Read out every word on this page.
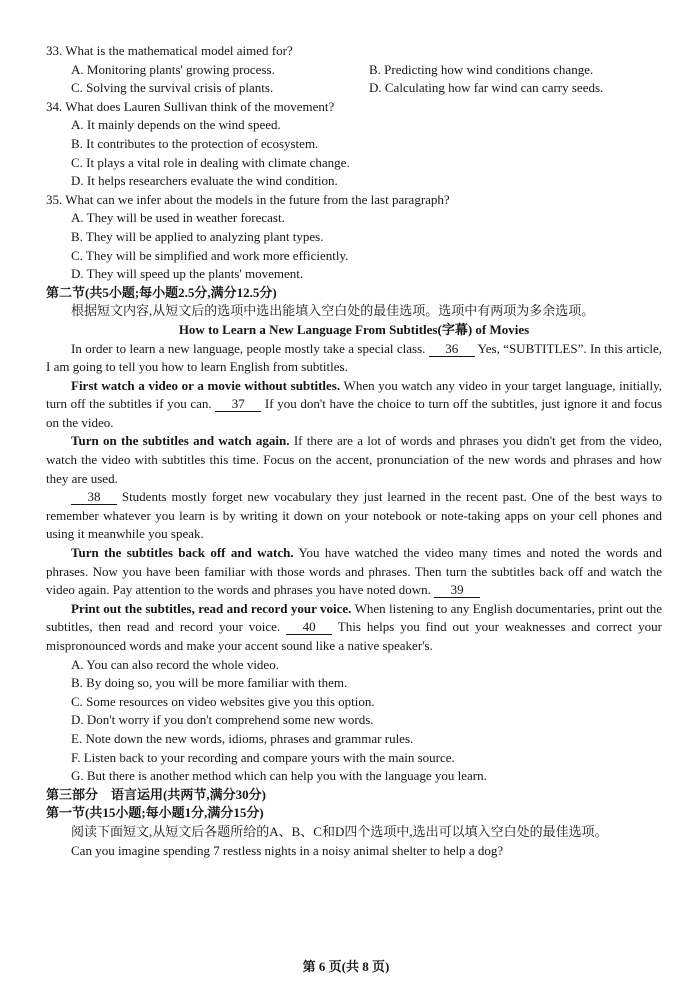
33. What is the mathematical model aimed for?

A. Monitoring plants' growing process.	B. Predicting how wind conditions change.
C. Solving the survival crisis of plants.	D. Calculating how far wind can carry seeds.

34. What does Lauren Sullivan think of the movement?

A. It mainly depends on the wind speed.

B. It contributes to the protection of ecosystem.

C. It plays a vital role in dealing with climate change.

D. It helps researchers evaluate the wind condition.

35. What can we infer about the models in the future from the last paragraph?

A. They will be used in weather forecast.

B. They will be applied to analyzing plant types.

C. They will be simplified and work more efficiently.

D. They will speed up the plants' movement.

第二节(共5小题;每小题2.5分,满分12.5分)

根据短文内容,从短文后的选项中选出能填入空白处的最佳选项。选项中有两项为多余选项。

How to Learn a New Language From Subtitles(字幕) of Movies

In order to learn a new language, people mostly take a special class. 36 Yes, “SUBTITLES”. In this article, I am going to tell you how to learn English from subtitles.

First watch a video or a movie without subtitles. When you watch any video in your target language, initially, turn off the subtitles if you can. 37 If you don't have the choice to turn off the subtitles, just ignore it and focus on the video.

Turn on the subtitles and watch again. If there are a lot of words and phrases you didn't get from the video, watch the video with subtitles this time. Focus on the accent, pronunciation of the new words and phrases and how they are used.

38 Students mostly forget new vocabulary they just learned in the recent past. One of the best ways to remember whatever you learn is by writing it down on your notebook or note-taking apps on your cell phones and using it meanwhile you speak.

Turn the subtitles back off and watch. You have watched the video many times and noted the words and phrases. Now you have been familiar with those words and phrases. Then turn the subtitles back off and watch the video again. Pay attention to the words and phrases you have noted down. 39

Print out the subtitles, read and record your voice. When listening to any English documentaries, print out the subtitles, then read and record your voice. 40 This helps you find out your weaknesses and correct your mispronounced words and make your accent sound like a native speaker's.

A. You can also record the whole video.

B. By doing so, you will be more familiar with them.

C. Some resources on video websites give you this option.

D. Don't worry if you don't comprehend some new words.

E. Note down the new words, idioms, phrases and grammar rules.

F. Listen back to your recording and compare yours with the main source.

G. But there is another method which can help you with the language you learn.

第三部分　语言运用(共两节,满分30分)

第一节(共15小题;每小题1分,满分15分)

阅读下面短文,从短文后各题所给的A、B、C和D四个选项中,选出可以填入空白处的最佳选项。

Can you imagine spending 7 restless nights in a noisy animal shelter to help a dog?

第 6 页(共 8 页)
